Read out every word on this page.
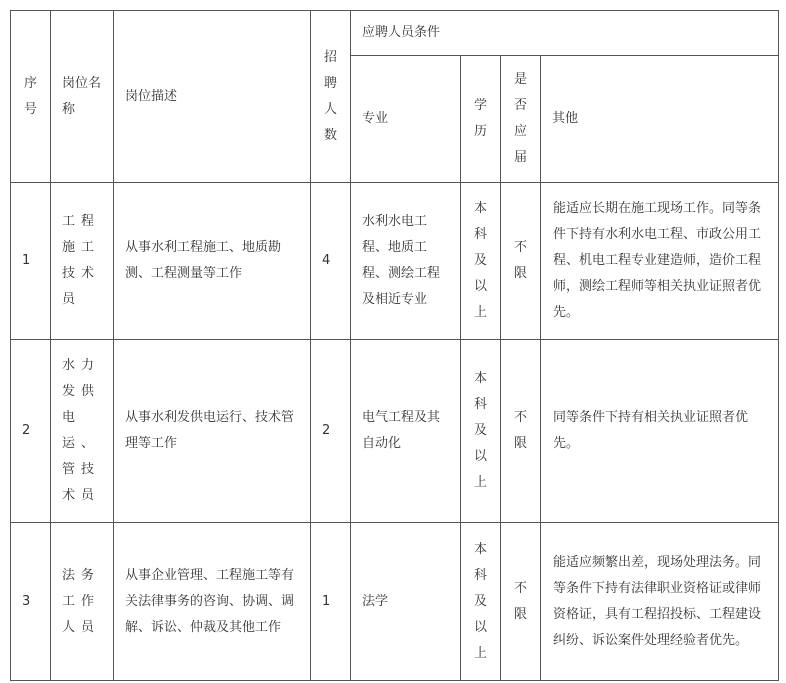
序号	岗位名称	岗位描述	招聘人数	应聘人员条件			
				专业	学历	是否应届	其他
1	工程施工技术员	从事水利工程施工、地质勘测、工程测量等工作	4	水利水电工程、地质工程、测绘工程及相近专业	本科及以上	不限	能适应长期在施工现场工作。同等条件下持有水利水电工程、市政公用工程、机电工程专业建造师，造价工程师，测绘工程师等相关执业证照者优先。
2	水力发供电运、管技术员	从事水利发供电运行、技术管理等工作	2	电气工程及其自动化	本科及以上	不限	同等条件下持有相关执业证照者优先。
3	法务工作人员	从事企业管理、工程施工等有关法律事务的咨询、协调、调解、诉讼、仲裁及其他工作	1	法学	本科及以上	不限	能适应频繁出差，现场处理法务。同等条件下持有法律职业资格证或律师资格证，具有工程招投标、工程建设纠纷、诉讼案件处理经验者优先。
